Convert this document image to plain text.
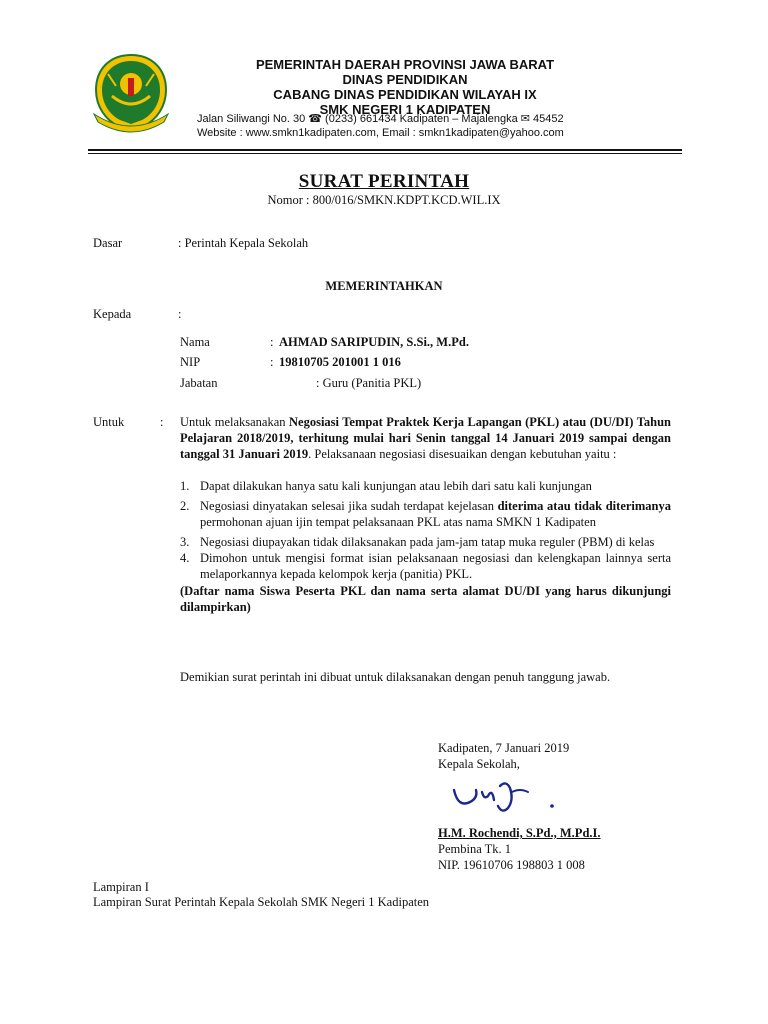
PEMERINTAH DAERAH PROVINSI JAWA BARAT
DINAS PENDIDIKAN
CABANG DINAS PENDIDIKAN WILAYAH IX
SMK NEGERI 1 KADIPATEN
Jalan Siliwangi No. 30 ☎ (0233) 661434 Kadipaten – Majalengka ✉ 45452
Website : www.smkn1kadipaten.com, Email : smkn1kadipaten@yahoo.com
SURAT PERINTAH
Nomor : 800/016/SMKN.KDPT.KCD.WIL.IX
Dasar	: Perintah Kepala Sekolah
MEMERINTAHKAN
Kepada	:
Nama	: AHMAD SARIPUDIN, S.Si., M.Pd.
NIP	: 19810705 201001 1 016
Jabatan	: Guru (Panitia PKL)
Untuk	: Untuk melaksanakan Negosiasi Tempat Praktek Kerja Lapangan (PKL) atau (DU/DI) Tahun Pelajaran 2018/2019, terhitung mulai hari Senin tanggal 14 Januari 2019 sampai dengan tanggal 31 Januari 2019. Pelaksanaan negosiasi disesuaikan dengan kebutuhan yaitu :
1. Dapat dilakukan hanya satu kali kunjungan atau lebih dari satu kali kunjungan
2. Negosiasi dinyatakan selesai jika sudah terdapat kejelasan diterima atau tidak diterimanya permohonan ajuan ijin tempat pelaksanaan PKL atas nama SMKN 1 Kadipaten
3. Negosiasi diupayakan tidak dilaksanakan pada jam-jam tatap muka reguler (PBM) di kelas
4. Dimohon untuk mengisi format isian pelaksanaan negosiasi dan kelengkapan lainnya serta melaporkannya kepada kelompok kerja (panitia) PKL.
(Daftar nama Siswa Peserta PKL dan nama serta alamat DU/DI yang harus dikunjungi dilampirkan)
Demikian surat perintah ini dibuat untuk dilaksanakan dengan penuh tanggung jawab.
Kadipaten, 7 Januari 2019
Kepala Sekolah,
H.M. Rochendi, S.Pd., M.Pd.I.
Pembina Tk. 1
NIP. 19610706 198803 1 008
Lampiran I
Lampiran Surat Perintah Kepala Sekolah SMK Negeri 1 Kadipaten
